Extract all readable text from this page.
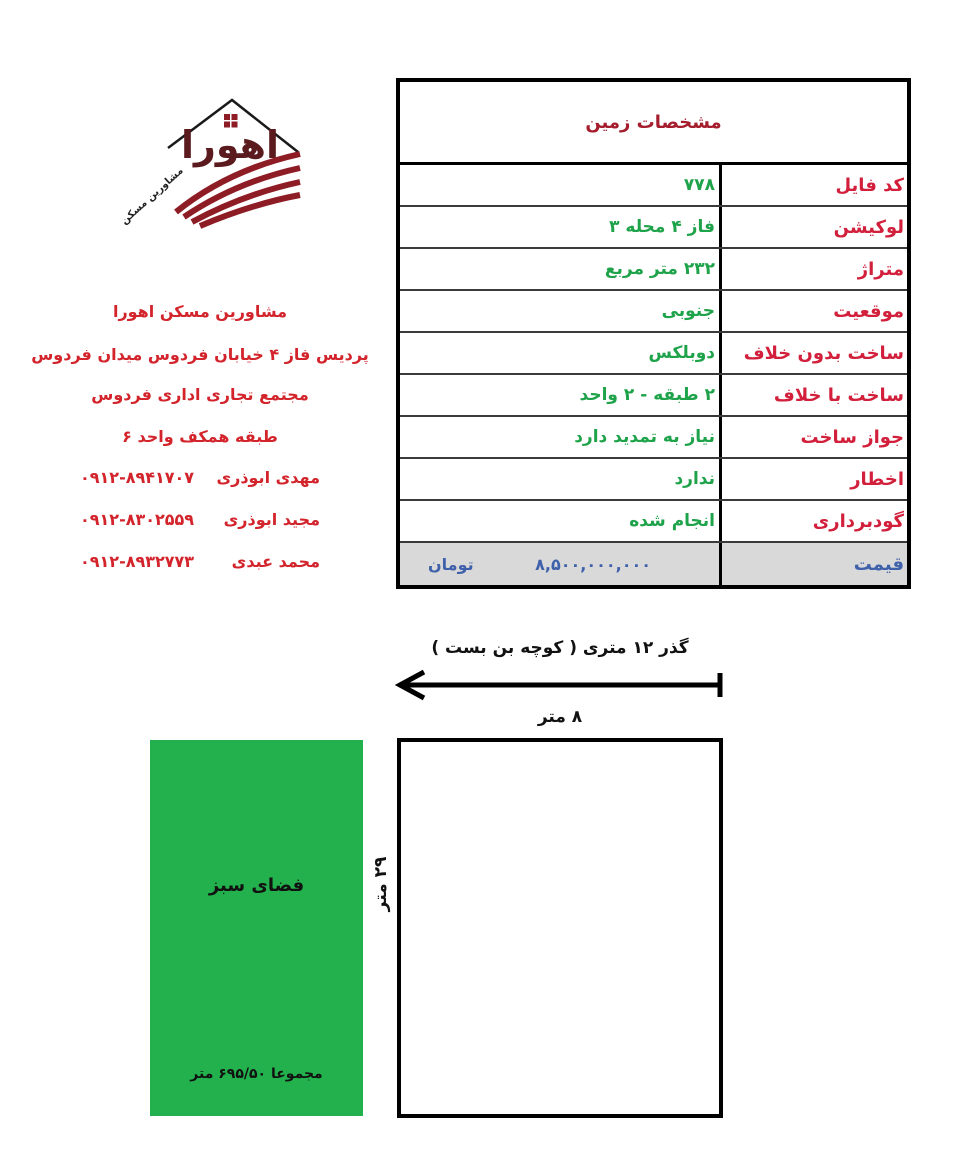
اهورا
مشاورین مسکن
مشاورین مسکن اهورا
پردیس فاز ۴ خیابان فردوس میدان فردوس
مجتمع تجاری اداری فردوس
طبقه همکف واحد ۶
مهدی ابوذری
۰۹۱۲-۸۹۴۱۷۰۷
مجید ابوذری
۰۹۱۲-۸۳۰۲۵۵۹
محمد عبدی
۰۹۱۲-۸۹۳۲۷۷۳
مشخصات زمین
کد فایل
۷۷۸
لوکیشن
فاز ۴ محله ۳
متراژ
۲۳۲ متر مربع
موقعیت
جنوبی
ساخت بدون خلاف
دوبلکس
ساخت با خلاف
۲ طبقه - ۲ واحد
جواز ساخت
نیاز به تمدید دارد
اخطار
ندارد
گودبرداری
انجام شده
قیمت
۸,۵۰۰,۰۰۰,۰۰۰
تومان
گذر ۱۲ متری ( کوچه بن بست )
۸ متر
۲۹ متر
فضای سبز
مجموعا ۶۹۵/۵۰ متر
